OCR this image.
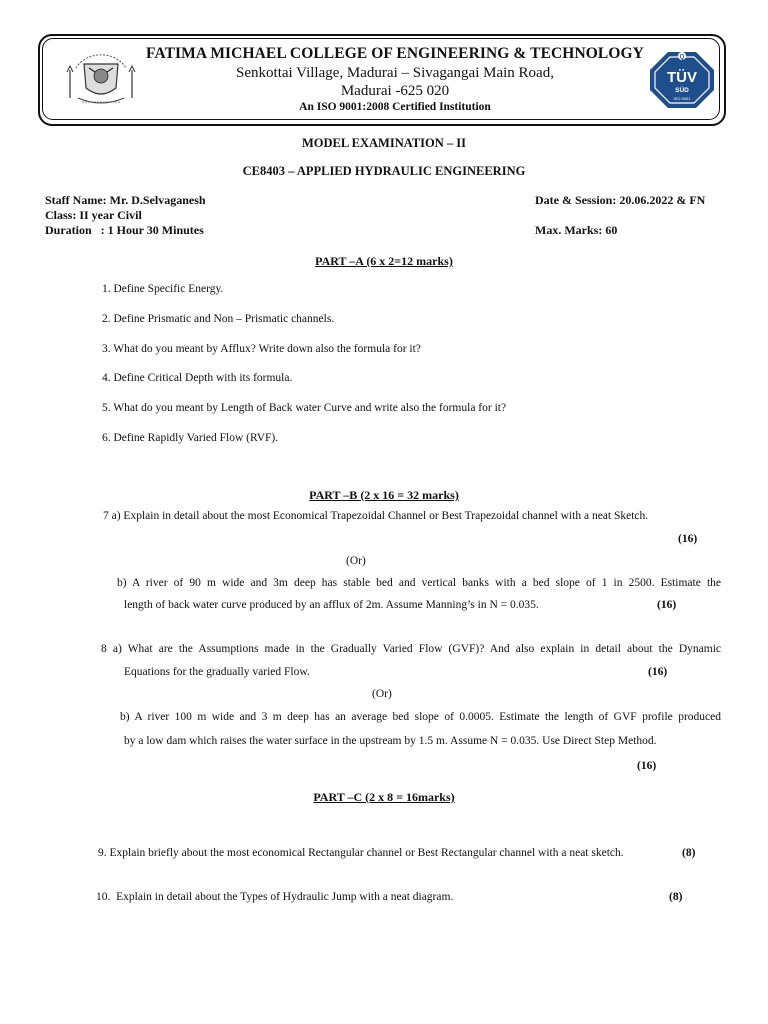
FATIMA MICHAEL COLLEGE OF ENGINEERING & TECHNOLOGY
Senkottai Village, Madurai – Sivagangai Main Road,
Madurai -625 020
An ISO 9001:2008 Certified Institution
Q
TÜV
SÜD
ISO 9001
MODEL EXAMINATION – II
CE8403 – APPLIED HYDRAULIC ENGINEERING
Staff Name: Mr. D.Selvaganesh
Class: II year Civil
Duration   : 1 Hour 30 Minutes
Date & Session: 20.06.2022 & FN
Max. Marks: 60
PART –A (6 x 2=12 marks)
1. Define Specific Energy.
2. Define Prismatic and Non – Prismatic channels.
3. What do you meant by Afflux? Write down also the formula for it?
4. Define Critical Depth with its formula.
5. What do you meant by Length of Back water Curve and write also the formula for it?
6. Define Rapidly Varied Flow (RVF).
PART –B (2 x 16 = 32 marks)
7 a) Explain in detail about the most Economical Trapezoidal Channel or Best Trapezoidal channel with a neat Sketch.
(16)
(Or)
b) A river of 90 m wide and 3m deep has stable bed and vertical banks with a bed slope of 1 in 2500. Estimate the
length of back water curve produced by an afflux of 2m. Assume Manning’s in N = 0.035.	(16)
8 a) What are the Assumptions made in the Gradually Varied Flow (GVF)? And also explain in detail about the Dynamic
Equations for the gradually varied Flow.	(16)
(Or)
b) A river 100 m wide and 3 m deep has an average bed slope of 0.0005. Estimate the length of GVF profile produced
by a low dam which raises the water surface in the upstream by 1.5 m. Assume N = 0.035. Use Direct Step Method.
(16)
PART –C (2 x 8 = 16marks)
9. Explain briefly about the most economical Rectangular channel or Best Rectangular channel with a neat sketch.	(8)
10.  Explain in detail about the Types of Hydraulic Jump with a neat diagram.	(8)
